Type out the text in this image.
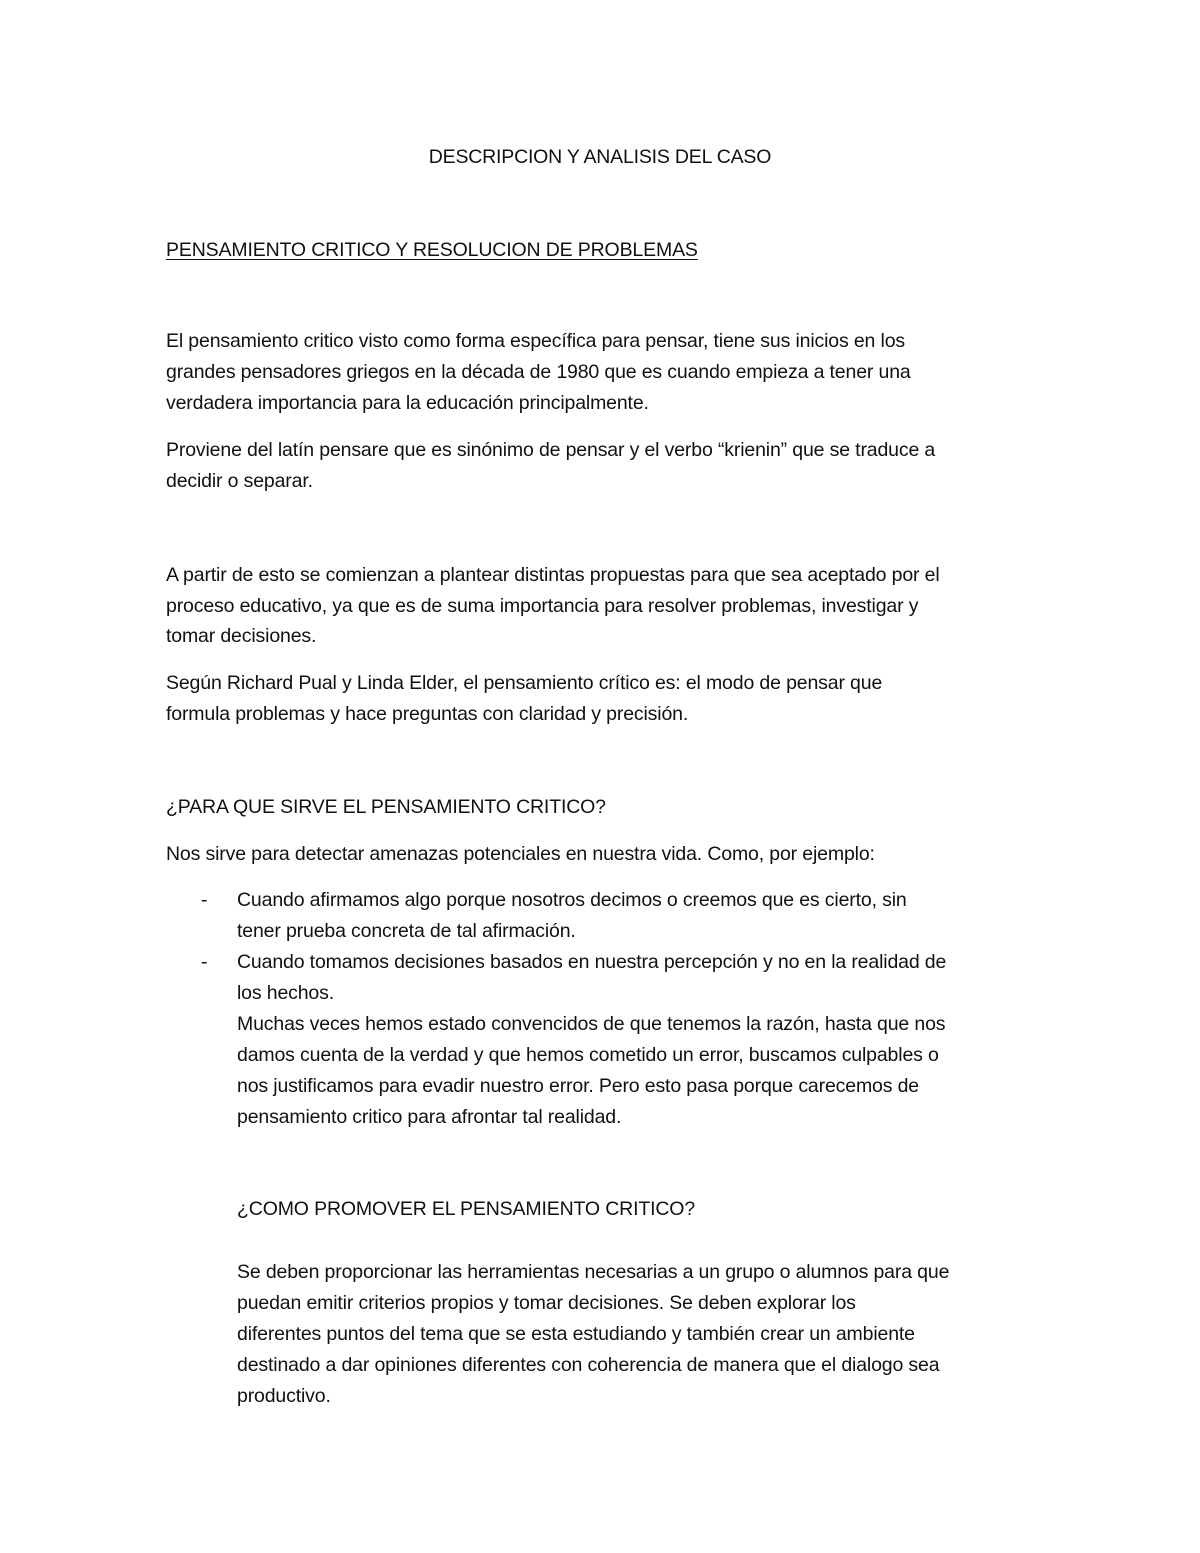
DESCRIPCION Y ANALISIS DEL CASO
PENSAMIENTO CRITICO Y RESOLUCION DE PROBLEMAS
El pensamiento critico visto como forma específica para pensar, tiene sus inicios en los
grandes pensadores griegos en la década de 1980 que es cuando empieza a tener una
verdadera importancia para la educación principalmente.
Proviene del latín pensare que es sinónimo de pensar y el verbo “krienin” que se traduce a
decidir o separar.
A partir de esto se comienzan a plantear distintas propuestas para que sea aceptado por el
proceso educativo, ya que es de suma importancia para resolver problemas, investigar y
tomar decisiones.
Según Richard Pual y Linda Elder, el pensamiento crítico es: el modo de pensar que
formula problemas y hace preguntas con claridad y precisión.
¿PARA QUE SIRVE EL PENSAMIENTO CRITICO?
Nos sirve para detectar amenazas potenciales en nuestra vida. Como, por ejemplo:
- Cuando afirmamos algo porque nosotros decimos o creemos que es cierto, sin
tener prueba concreta de tal afirmación.
- Cuando tomamos decisiones basados en nuestra percepción y no en la realidad de
los hechos.
Muchas veces hemos estado convencidos de que tenemos la razón, hasta que nos
damos cuenta de la verdad y que hemos cometido un error, buscamos culpables o
nos justificamos para evadir nuestro error. Pero esto pasa porque carecemos de
pensamiento critico para afrontar tal realidad.
¿COMO PROMOVER EL PENSAMIENTO CRITICO?
Se deben proporcionar las herramientas necesarias a un grupo o alumnos para que
puedan emitir criterios propios y tomar decisiones. Se deben explorar los
diferentes puntos del tema que se esta estudiando y también crear un ambiente
destinado a dar opiniones diferentes con coherencia de manera que el dialogo sea
productivo.
